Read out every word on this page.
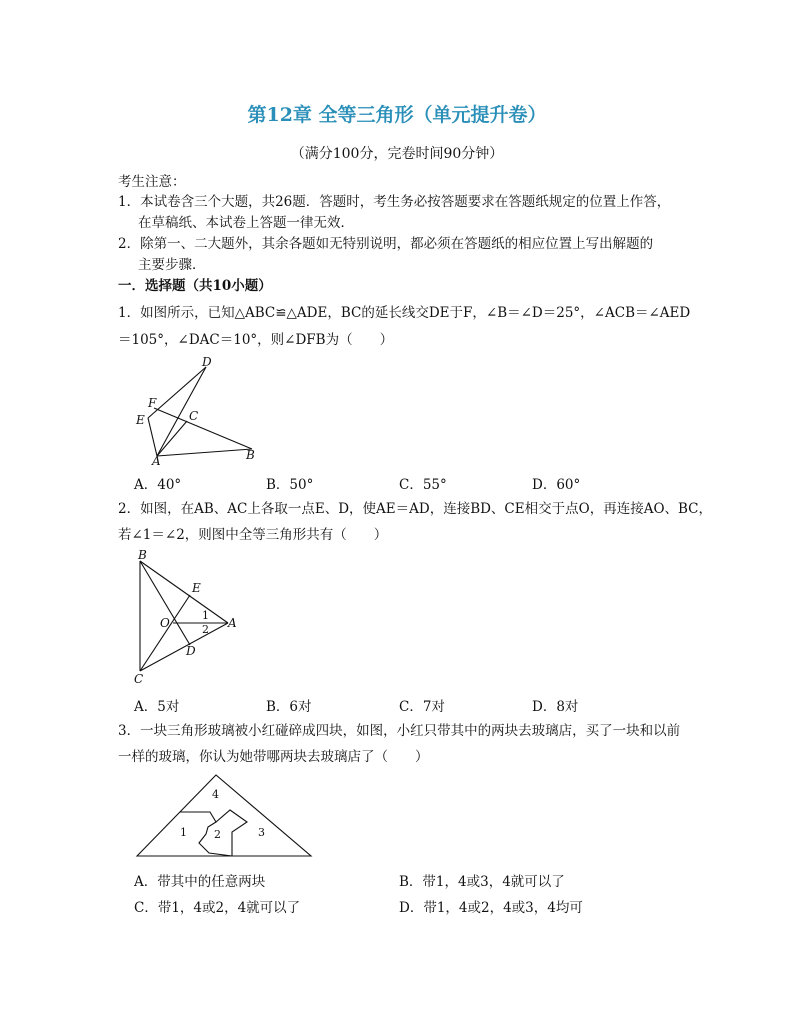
第12章 全等三角形（单元提升卷）
（满分100分，完卷时间90分钟）
考生注意：
1．本试卷含三个大题，共26题．答题时，考生务必按答题要求在答题纸规定的位置上作答，
在草稿纸、本试卷上答题一律无效．
2．除第一、二大题外，其余各题如无特别说明，都必须在答题纸的相应位置上写出解题的
主要步骤．
一．选择题（共10小题）
1．如图所示，已知△ABC≌△ADE，BC的延长线交DE于F，∠B＝∠D＝25°，∠ACB＝∠AED
＝105°，∠DAC＝10°，则∠DFB为（　　）
D
F
E	C
A	B
A．40°	B．50°	C．55°	D．60°
2．如图，在AB、AC上各取一点E、D，使AE＝AD，连接BD、CE相交于点O，再连接AO、BC，
若∠1＝∠2，则图中全等三角形共有（　　）
B
E
O	A
D
C
1
2
A．5对	B．6对	C．7对	D．8对
3．一块三角形玻璃被小红碰碎成四块，如图，小红只带其中的两块去玻璃店，买了一块和以前
一样的玻璃，你认为她带哪两块去玻璃店了（　　）
4
1 2	3
A．带其中的任意两块	B．带1，4或3，4就可以了
C．带1，4或2，4就可以了	D．带1，4或2，4或3，4均可
